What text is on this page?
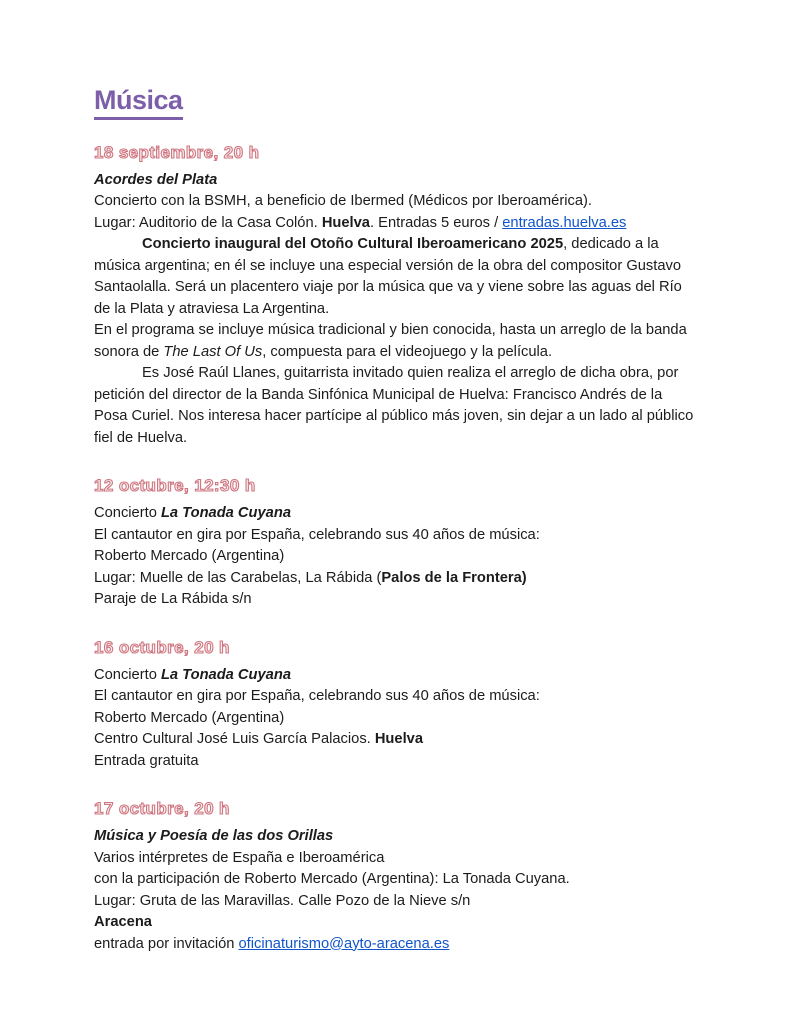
Música
18 septiembre, 20 h

Acordes del Plata

Concierto con la BSMH, a beneficio de Ibermed (Médicos por Iberoamérica).

Lugar: Auditorio de la Casa Colón. Huelva. Entradas 5 euros / entradas.huelva.es

Concierto inaugural del Otoño Cultural Iberoamericano 2025, dedicado a la música argentina; en él se incluye una especial versión de la obra del compositor Gustavo Santaolalla. Será un placentero viaje por la música que va y viene sobre las aguas del Río de la Plata y atraviesa La Argentina.

En el programa se incluye música tradicional y bien conocida, hasta un arreglo de la banda sonora de The Last Of Us, compuesta para el videojuego y la película.

Es José Raúl Llanes, guitarrista invitado quien realiza el arreglo de dicha obra, por petición del director de la Banda Sinfónica Municipal de Huelva: Francisco Andrés de la Posa Curiel. Nos interesa hacer partícipe al público más joven, sin dejar a un lado al público fiel de Huelva.

12 octubre, 12:30 h

Concierto La Tonada Cuyana

El cantautor en gira por España, celebrando sus 40 años de música:

Roberto Mercado (Argentina)

Lugar: Muelle de las Carabelas, La Rábida (Palos de la Frontera)

Paraje de La Rábida s/n

16 octubre, 20 h

Concierto La Tonada Cuyana

El cantautor en gira por España, celebrando sus 40 años de música:

Roberto Mercado (Argentina)

Centro Cultural José Luis García Palacios. Huelva

Entrada gratuita

17 octubre, 20 h

Música y Poesía de las dos Orillas

Varios intérpretes de España e Iberoamérica

con la participación de Roberto Mercado (Argentina): La Tonada Cuyana.

Lugar: Gruta de las Maravillas. Calle Pozo de la Nieve s/n

Aracena

entrada por invitación oficinaturismo@ayto-aracena.es
